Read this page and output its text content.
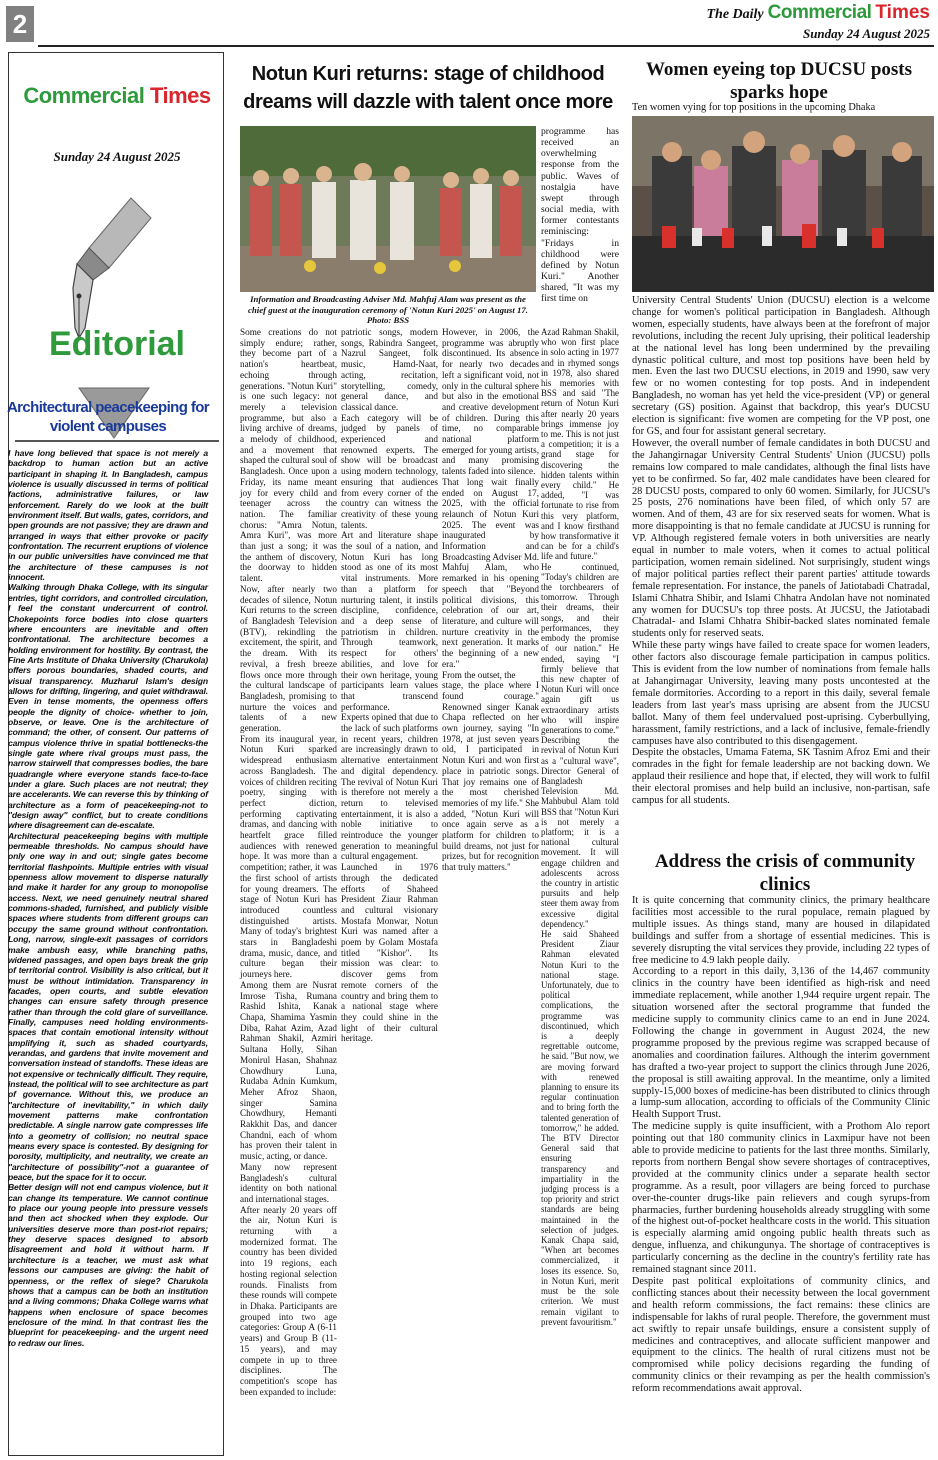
2	The Daily Commercial Times
Sunday 24 August 2025
Commercial Times
Sunday 24 August 2025
Editorial
Architectural peacekeeping for violent campuses

I have long believed that space is not merely a backdrop to human action but an active participant in shaping it. In Bangladesh, campus violence is usually discussed in terms of political factions, administrative failures, or law enforcement. Rarely do we look at the built environment itself. But walls, gates, corridors, and open grounds are not passive; they are drawn and arranged in ways that either provoke or pacify confrontation. The recurrent eruptions of violence in our public universities have convinced me that the architecture of these campuses is not innocent.

Walking through Dhaka College, with its singular entries, tight corridors, and controlled circulation, I feel the constant undercurrent of control. Chokepoints force bodies into close quarters where encounters are inevitable and often confrontational. The architecture becomes a holding environment for hostility. By contrast, the Fine Arts Institute of Dhaka University (Charukola) offers porous boundaries, shaded courts, and visual transparency. Muzharul Islam's design allows for drifting, lingering, and quiet withdrawal. Even in tense moments, the openness offers people the dignity of choice- whether to join, observe, or leave. One is the architecture of command; the other, of consent. Our patterns of campus violence thrive in spatial bottlenecks-the single gate where rival groups must pass, the narrow stairwell that compresses bodies, the bare quadrangle where everyone stands face-to-face under a glare. Such places are not neutral; they are accelerants. We can reverse this by thinking of architecture as a form of peacekeeping-not to "design away" conflict, but to create conditions where disagreement can de-escalate.

Architectural peacekeeping begins with multiple permeable thresholds. No campus should have only one way in and out; single gates become territorial flashpoints. Multiple entries with visual openness allow movement to disperse naturally and make it harder for any group to monopolise access. Next, we need genuinely neutral shared commons-shaded, furnished, and publicly visible spaces where students from different groups can occupy the same ground without confrontation. Long, narrow, single-exit passages of corridors make ambush easy, while branching paths, widened passages, and open bays break the grip of territorial control. Visibility is also critical, but it must be without intimidation. Transparency in facades, open courts, and subtle elevation changes can ensure safety through presence rather than through the cold glare of surveillance. Finally, campuses need holding environments-spaces that contain emotional intensity without amplifying it, such as shaded courtyards, verandas, and gardens that invite movement and conversation instead of standoffs. These ideas are not expensive or technically difficult. They require, instead, the political will to see architecture as part of governance. Without this, we produce an "architecture of inevitability," in which daily movement patterns make confrontation predictable. A single narrow gate compresses life into a geometry of collision; no neutral space means every space is contested. By designing for porosity, multiplicity, and neutrality, we create an "architecture of possibility"-not a guarantee of peace, but the space for it to occur.

Better design will not end campus violence, but it can change its temperature. We cannot continue to place our young people into pressure vessels and then act shocked when they explode. Our universities deserve more than post-riot repairs; they deserve spaces designed to absorb disagreement and hold it without harm. If architecture is a teacher, we must ask what lessons our campuses are giving: the habit of openness, or the reflex of siege? Charukola shows that a campus can be both an institution and a living commons; Dhaka College warns what happens when enclosure of space becomes enclosure of the mind. In that contrast lies the blueprint for peacekeeping- and the urgent need to redraw our lines.

Notun Kuri returns: stage of childhood dreams will dazzle with talent once more
Information and Broadcasting Adviser Md. Mahfuj Alam was present as the chief guest at the inauguration ceremony of 'Notun Kuri 2025' on August 17. Photo: BSS
programme has received an overwhelming response from the public. Waves of nostalgia have swept through social media, with former contestants reminiscing: "Fridays in childhood were defined by Notun Kuri." Another shared, "It was my first time on

Some creations do not simply endure; rather, they become part of a nation's heartbeat, echoing through generations. "Notun Kuri" is one such legacy: not merely a television programme, but also a living archive of dreams, a melody of childhood, and a movement that shaped the cultural soul of Bangladesh. Once upon a Friday, its name meant joy for every child and teenager across the nation. The familiar chorus: "Amra Notun, Amra Kuri", was more than just a song; it was the anthem of discovery, the doorway to hidden talent.

Now, after nearly two decades of silence, Notun Kuri returns to the screen of Bangladesh Television (BTV), rekindling the excitement, the spirit, and the dream. With its revival, a fresh breeze flows once more through the cultural landscape of Bangladesh, promising to nurture the voices and talents of a new generation.

From its inaugural year, Notun Kuri sparked widespread enthusiasm across Bangladesh. The voices of children reciting poetry, singing with perfect diction, performing captivating dramas, and dancing with heartfelt grace filled audiences with renewed hope. It was more than a competition; rather, it was the first school of artists for young dreamers. The stage of Notun Kuri has introduced countless distinguished artists. Many of today's brightest stars in Bangladeshi drama, music, dance, and culture began their journeys here.

Among them are Nusrat Imrose Tisha, Rumana Rashid Ishita, Kanak Chapa, Shamima Yasmin Diba, Rahat Azim, Azad Rahman Shakil, Azmiri Sultana Holly, Sihan Monirul Hasan, Shahnaz Chowdhury Luna, Rudaba Adnin Kumkum, Meher Afroz Shaon, singer Samina Chowdhury, Hemanti Rakkhit Das, and dancer Chandni, each of whom has proven their talent in music, acting, or dance.

Many now represent Bangladesh's cultural identity on both national and international stages.

After nearly 20 years off the air, Notun Kuri is returning with a modernized format. The country has been divided into 19 regions, each hosting regional selection rounds. Finalists from these rounds will compete in Dhaka. Participants are grouped into two age categories: Group A (6-11 years) and Group B (11-15 years), and may compete in up to three disciplines. The competition's scope has been expanded to include:

patriotic songs, modern songs, Rabindra Sangeet, Nazrul Sangeet, folk music, Hamd-Naat, acting, recitation, storytelling, comedy, general dance, and classical dance.

Each category will be judged by panels of experienced and renowned experts. The show will be broadcast using modern technology, ensuring that audiences from every corner of the country can witness the creativity of these young talents.

Art and literature shape the soul of a nation, and Notun Kuri has long stood as one of its most vital instruments. More than a platform for nurturing talent, it instils discipline, confidence, and a deep sense of patriotism in children. Through teamwork, respect for others' abilities, and love for their own heritage, young participants learn values that transcend performance.

Experts opined that due to the lack of such platforms in recent years, children are increasingly drawn to alternative entertainment and digital dependency. The revival of Notun Kuri is therefore not merely a return to televised entertainment, it is also a noble initiative to reintroduce the younger generation to meaningful cultural engagement.

Launched in 1976 through the dedicated efforts of Shaheed President Ziaur Rahman and cultural visionary Mostafa Monwar, Notun Kuri was named after a poem by Golam Mostafa titled "Kishor". Its mission was clear: to discover gems from remote corners of the country and bring them to a national stage where they could shine in the light of their cultural heritage.

Azad Rahman Shakil, who won first place in solo acting in 1977 and in rhymed songs in 1978, also shared his memories with BSS and said "The return of Notun Kuri after nearly 20 years brings immense joy to me. This is not just a competition; it is a grand stage for discovering the hidden talents within every child." He added, "I was fortunate to rise from this very platform, and I know firsthand how transformative it can be for a child's life and future."

He continued, "Today's children are the torchbearers of tomorrow. Through their dreams, their songs, and their performances, they embody the promise of our nation." He ended, saying "I firmly believe that this new chapter of Notun Kuri will once again gift us extraordinary artists who will inspire generations to come." Describing the revival of Notun Kuri as a "cultural wave", Director General of Bangladesh Television Md. Mahbubul Alam told BSS that "Notun Kuri is not merely a platform; it is a national cultural movement. It will engage children and adolescents across the country in artistic pursuits and help steer them away from excessive digital dependency."

He said Shaheed President Ziaur Rahman elevated Notun Kuri to the national stage. Unfortunately, due to political complications, the programme was discontinued, which is a deeply regrettable outcome, he said. "But now, we are moving forward with renewed planning to ensure its regular continuation and to bring forth the talented generation of tomorrow," he added. The BTV Director General said that ensuring transparency and impartiality in the judging process is a top priority and strict standards are being maintained in the selection of judges. Kanak Chapa said, "When art becomes commercialized, it loses its essence. So, in Notun Kuri, merit must be the sole criterion. We must remain vigilant to prevent favouritism."

Women eyeing top DUCSU posts sparks hope
Ten women vying for top positions in the upcoming Dhaka

University Central Students' Union (DUCSU) election is a welcome change for women's political participation in Bangladesh. Although women, especially students, have always been at the forefront of major revolutions, including the recent July uprising, their political leadership at the national level has long been undermined by the prevailing dynastic political culture, and most top positions have been held by men. Even the last two DUCSU elections, in 2019 and 1990, saw very few or no women contesting for top posts. And in independent Bangladesh, no woman has yet held the vice-president (VP) or general secretary (GS) position. Against that backdrop, this year's DUCSU election is significant: five women are competing for the VP post, one for GS, and four for assistant general secretary.

However, the overall number of female candidates in both DUCSU and the Jahangirnagar University Central Students' Union (JUCSU) polls remains low compared to male candidates, although the final lists have yet to be confirmed. So far, 402 male candidates have been cleared for 28 DUCSU posts, compared to only 60 women. Similarly, for JUCSU's 25 posts, 276 nominations have been filed, of which only 57 are women. And of them, 43 are for six reserved seats for women. What is more disappointing is that no female candidate at JUCSU is running for VP. Although registered female voters in both universities are nearly equal in number to male voters, when it comes to actual political participation, women remain sidelined. Not surprisingly, student wings of major political parties reflect their parent parties' attitude towards female representation. For instance, the panels of Jatiotabadi Chatradal, Islami Chhatra Shibir, and Islami Chhatra Andolan have not nominated any women for DUCSU's top three posts. At JUCSU, the Jatiotabadi Chatradal- and Islami Chhatra Shibir-backed slates nominated female students only for reserved seats.

While these party wings have failed to create space for women leaders, other factors also discourage female participation in campus politics. This is evident from the low number of nominations from female halls at Jahangirnagar University, leaving many posts uncontested at the female dormitories. According to a report in this daily, several female leaders from last year's mass uprising are absent from the JUCSU ballot. Many of them feel undervalued post-uprising. Cyberbullying, harassment, family restrictions, and a lack of inclusive, female-friendly campuses have also contributed to this disengagement.

Despite the obstacles, Umama Fatema, SK Tasnim Afroz Emi and their comrades in the fight for female leadership are not backing down. We applaud their resilience and hope that, if elected, they will work to fulfil their electoral promises and help build an inclusive, non-partisan, safe campus for all students.

Address the crisis of community clinics

It is quite concerning that community clinics, the primary healthcare facilities most accessible to the rural populace, remain plagued by multiple issues. As things stand, many are housed in dilapidated buildings and suffer from a shortage of essential medicines. This is severely disrupting the vital services they provide, including 22 types of free medicine to 4.9 lakh people daily.

According to a report in this daily, 3,136 of the 14,467 community clinics in the country have been identified as high-risk and need immediate replacement, while another 1,944 require urgent repair. The situation worsened after the sectoral programme that funded the medicine supply to community clinics came to an end in June 2024. Following the change in government in August 2024, the new programme proposed by the previous regime was scrapped because of anomalies and coordination failures. Although the interim government has drafted a two-year project to support the clinics through June 2026, the proposal is still awaiting approval. In the meantime, only a limited supply-15,000 boxes of medicine-has been distributed to clinics through a lump-sum allocation, according to officials of the Community Clinic Health Support Trust.

The medicine supply is quite insufficient, with a Prothom Alo report pointing out that 180 community clinics in Laxmipur have not been able to provide medicine to patients for the last three months. Similarly, reports from northern Bengal show severe shortages of contraceptives, provided at the community clinics under a separate health sector programme. As a result, poor villagers are being forced to purchase over-the-counter drugs-like pain relievers and cough syrups-from pharmacies, further burdening households already struggling with some of the highest out-of-pocket healthcare costs in the world. This situation is especially alarming amid ongoing public health threats such as dengue, influenza, and chikungunya. The shortage of contraceptives is particularly concerning as the decline in the country's fertility rate has remained stagnant since 2011.

Despite past political exploitations of community clinics, and conflicting stances about their necessity between the local government and health reform commissions, the fact remains: these clinics are indispensable for lakhs of rural people. Therefore, the government must act swiftly to repair unsafe buildings, ensure a consistent supply of medicines and contraceptives, and allocate sufficient manpower and equipment to the clinics. The health of rural citizens must not be compromised while policy decisions regarding the funding of community clinics or their revamping as per the health commission's reform recommendations await approval.

However, in 2006, the programme was abruptly discontinued. Its absence for nearly two decades left a significant void, not only in the cultural sphere but also in the emotional and creative development of children. During this time, no comparable national platform emerged for young artists, and many promising talents faded into silence.

That long wait finally ended on August 17, 2025, with the official relaunch of Notun Kuri 2025. The event was inaugurated by Information and Broadcasting Adviser Md. Mahfuj Alam, who remarked in his opening speech that "Beyond political divisions, this celebration of our art, literature, and culture will nurture creativity in the next generation. It marks the beginning of a new era."

From the outset, the

stage, the place where I found courage." Renowned singer Kanak Chapa reflected on her own journey, saying "In 1978, at just seven years old, I participated in Notun Kuri and won first place in patriotic songs. That joy remains one of the most cherished memories of my life." She added, "Notun Kuri will once again serve as a platform for children to build dreams, not just for prizes, but for recognition that truly matters."
